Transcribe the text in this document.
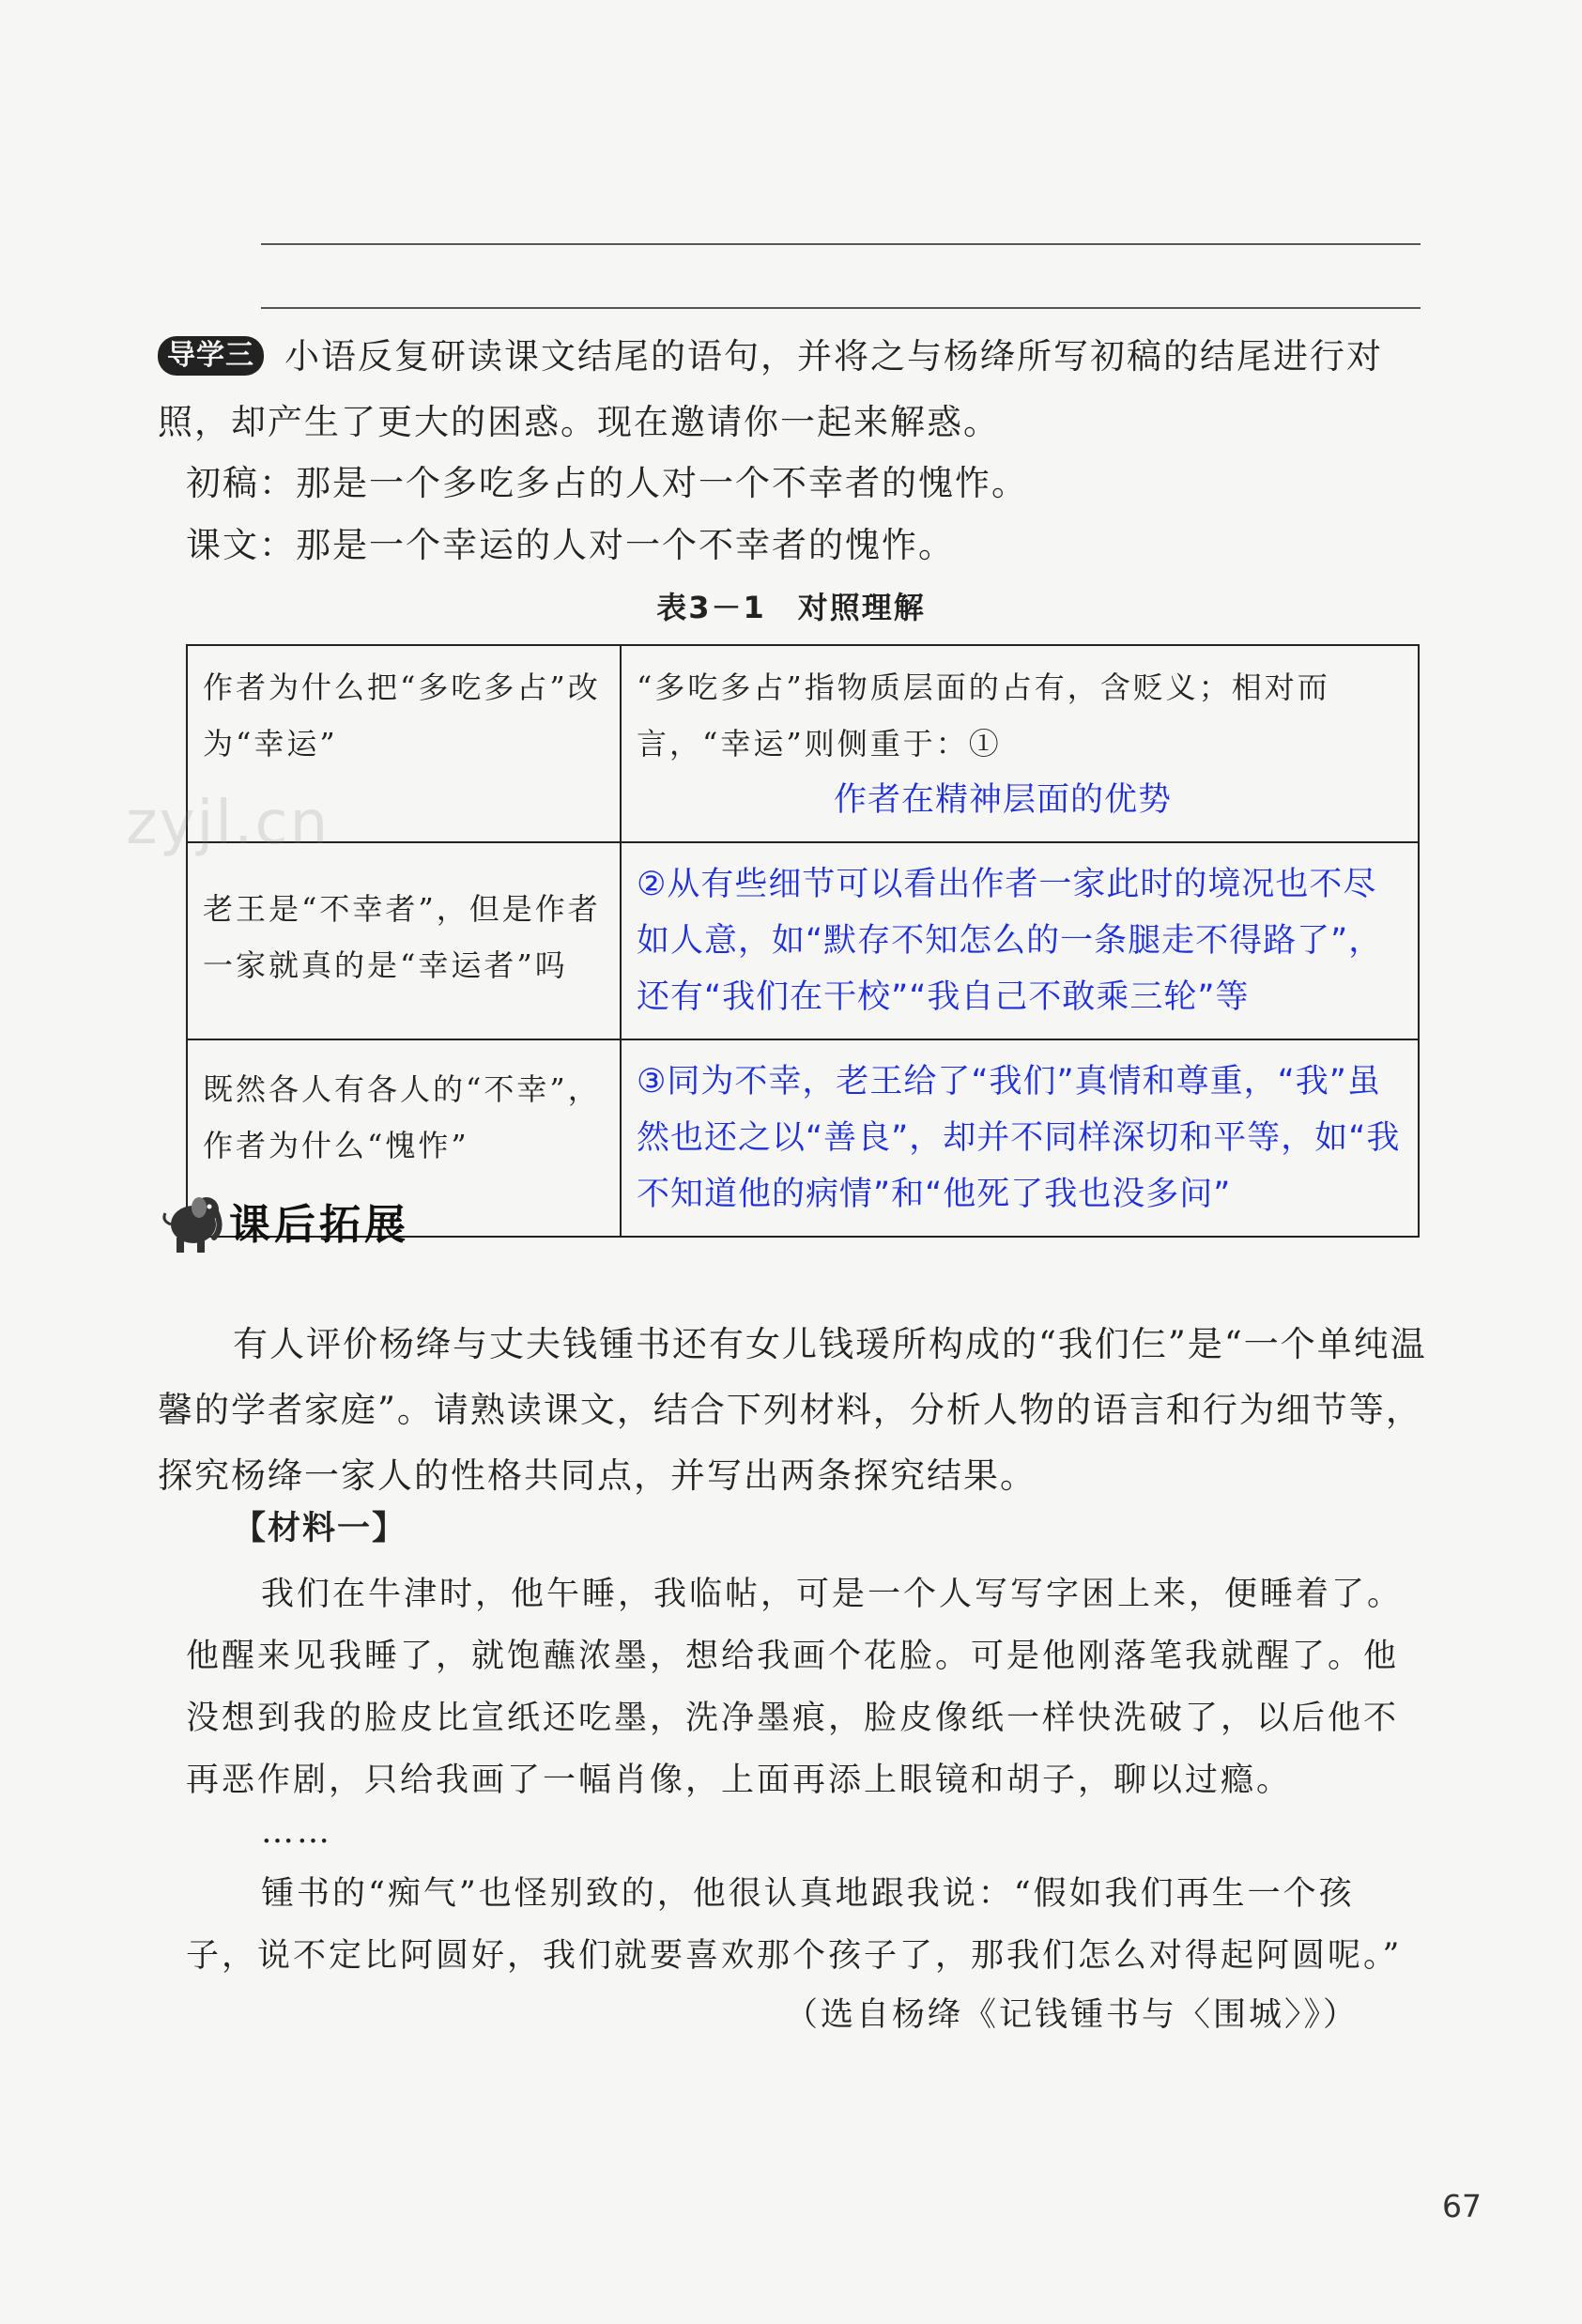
导学三 小语反复研读课文结尾的语句，并将之与杨绛所写初稿的结尾进行对照，却产生了更大的困惑。现在邀请你一起来解惑。
初稿：那是一个多吃多占的人对一个不幸者的愧怍。
课文：那是一个幸运的人对一个不幸者的愧怍。
表3－1　对照理解
作者为什么把“多吃多占”改为“幸运”	“多吃多占”指物质层面的占有，含贬义；相对而言，“幸运”则侧重于：①
作者在精神层面的优势

老王是“不幸者”，但是作者一家就真的是“幸运者”吗	②从有些细节可以看出作者一家此时的境况也不尽如人意，如“默存不知怎么的一条腿走不得路了”，还有“我们在干校”“我自己不敢乘三轮”等

既然各人有各人的“不幸”，作者为什么“愧怍”	③同为不幸，老王给了“我们”真情和尊重，“我”虽然也还之以“善良”，却并不同样深切和平等，如“我不知道他的病情”和“他死了我也没多问”
zyjl.cn
课后拓展
有人评价杨绛与丈夫钱锺书还有女儿钱瑗所构成的“我们仨”是“一个单纯温馨的学者家庭”。请熟读课文，结合下列材料，分析人物的语言和行为细节等，探究杨绛一家人的性格共同点，并写出两条探究结果。
【材料一】
我们在牛津时，他午睡，我临帖，可是一个人写写字困上来，便睡着了。他醒来见我睡了，就饱蘸浓墨，想给我画个花脸。可是他刚落笔我就醒了。他没想到我的脸皮比宣纸还吃墨，洗净墨痕，脸皮像纸一样快洗破了，以后他不再恶作剧，只给我画了一幅肖像，上面再添上眼镜和胡子，聊以过瘾。
……
锺书的“痴气”也怪别致的，他很认真地跟我说：“假如我们再生一个孩子，说不定比阿圆好，我们就要喜欢那个孩子了，那我们怎么对得起阿圆呢。”
（选自杨绛《记钱锺书与〈围城〉》）
67
